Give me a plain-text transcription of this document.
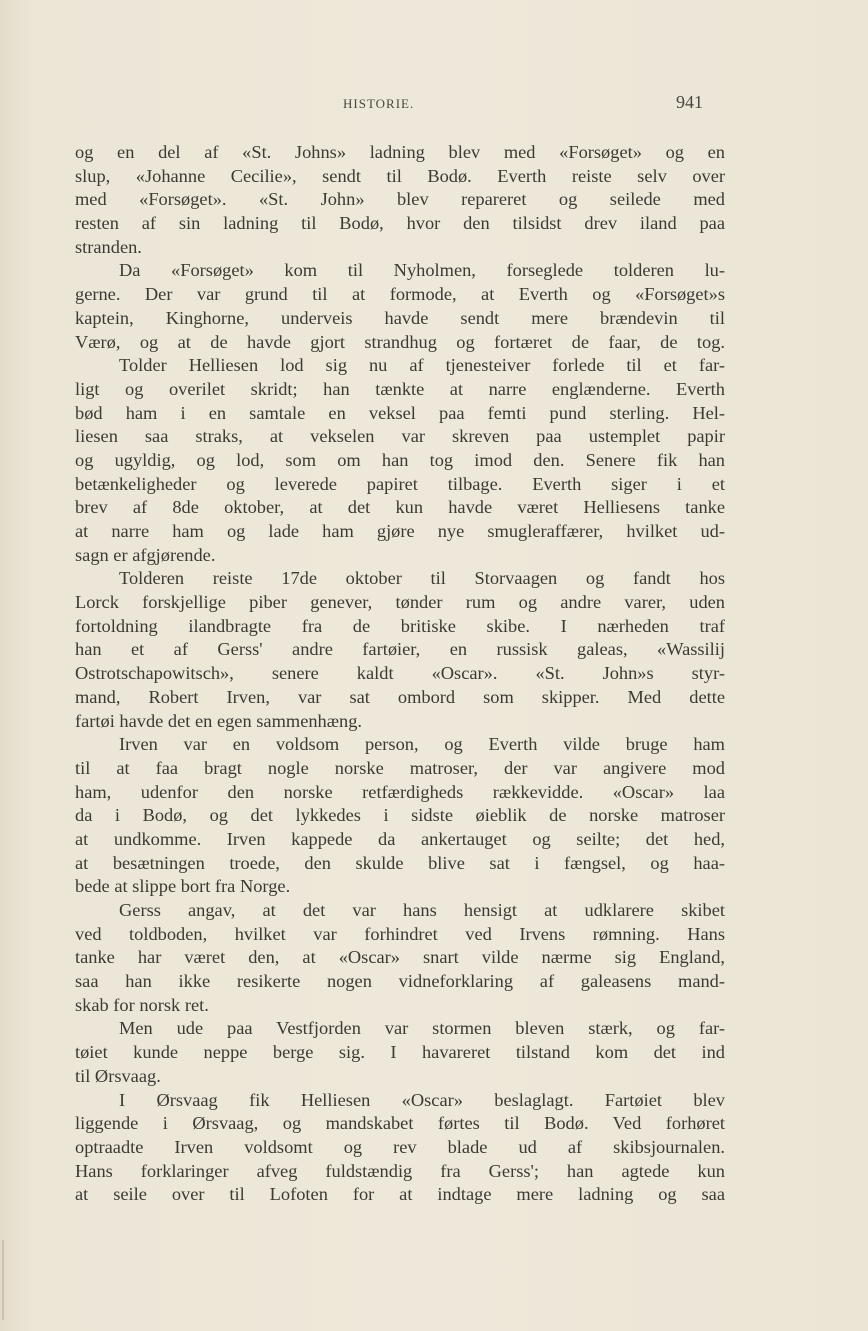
HISTORIE.	941
og en del af «St. Johns» ladning blev med «Forsøget» og en
slup, «Johanne Cecilie», sendt til Bodø. Everth reiste selv over
med «Forsøget». «St. John» blev repareret og seilede med
resten af sin ladning til Bodø, hvor den tilsidst drev iland paa
stranden.
Da «Forsøget» kom til Nyholmen, forseglede tolderen lu-
gerne. Der var grund til at formode, at Everth og «Forsøget»s
kaptein, Kinghorne, underveis havde sendt mere brændevin til
Værø, og at de havde gjort strandhug og fortæret de faar, de tog.
Tolder Helliesen lod sig nu af tjenesteiver forlede til et far-
ligt og overilet skridt; han tænkte at narre englænderne. Everth
bød ham i en samtale en veksel paa femti pund sterling. Hel-
liesen saa straks, at vekselen var skreven paa ustemplet papir
og ugyldig, og lod, som om han tog imod den. Senere fik han
betænkeligheder og leverede papiret tilbage. Everth siger i et
brev af 8de oktober, at det kun havde været Helliesens tanke
at narre ham og lade ham gjøre nye smugleraffærer, hvilket ud-
sagn er afgjørende.
Tolderen reiste 17de oktober til Storvaagen og fandt hos
Lorck forskjellige piber genever, tønder rum og andre varer, uden
fortoldning ilandbragte fra de britiske skibe. I nærheden traf
han et af Gerss' andre fartøier, en russisk galeas, «Wassilij
Ostrotschapowitsch», senere kaldt «Oscar». «St. John»s styr-
mand, Robert Irven, var sat ombord som skipper. Med dette
fartøi havde det en egen sammenhæng.
Irven var en voldsom person, og Everth vilde bruge ham
til at faa bragt nogle norske matroser, der var angivere mod
ham, udenfor den norske retfærdigheds rækkevidde. «Oscar» laa
da i Bodø, og det lykkedes i sidste øieblik de norske matroser
at undkomme. Irven kappede da ankertauget og seilte; det hed,
at besætningen troede, den skulde blive sat i fængsel, og haa-
bede at slippe bort fra Norge.
Gerss angav, at det var hans hensigt at udklarere skibet
ved toldboden, hvilket var forhindret ved Irvens rømning. Hans
tanke har været den, at «Oscar» snart vilde nærme sig England,
saa han ikke resikerte nogen vidneforklaring af galeasens mand-
skab for norsk ret.
Men ude paa Vestfjorden var stormen bleven stærk, og far-
tøiet kunde neppe berge sig. I havareret tilstand kom det ind
til Ørsvaag.
I Ørsvaag fik Helliesen «Oscar» beslaglagt. Fartøiet blev
liggende i Ørsvaag, og mandskabet førtes til Bodø. Ved forhøret
optraadte Irven voldsomt og rev blade ud af skibsjournalen.
Hans forklaringer afveg fuldstændig fra Gerss'; han agtede kun
at seile over til Lofoten for at indtage mere ladning og saa
